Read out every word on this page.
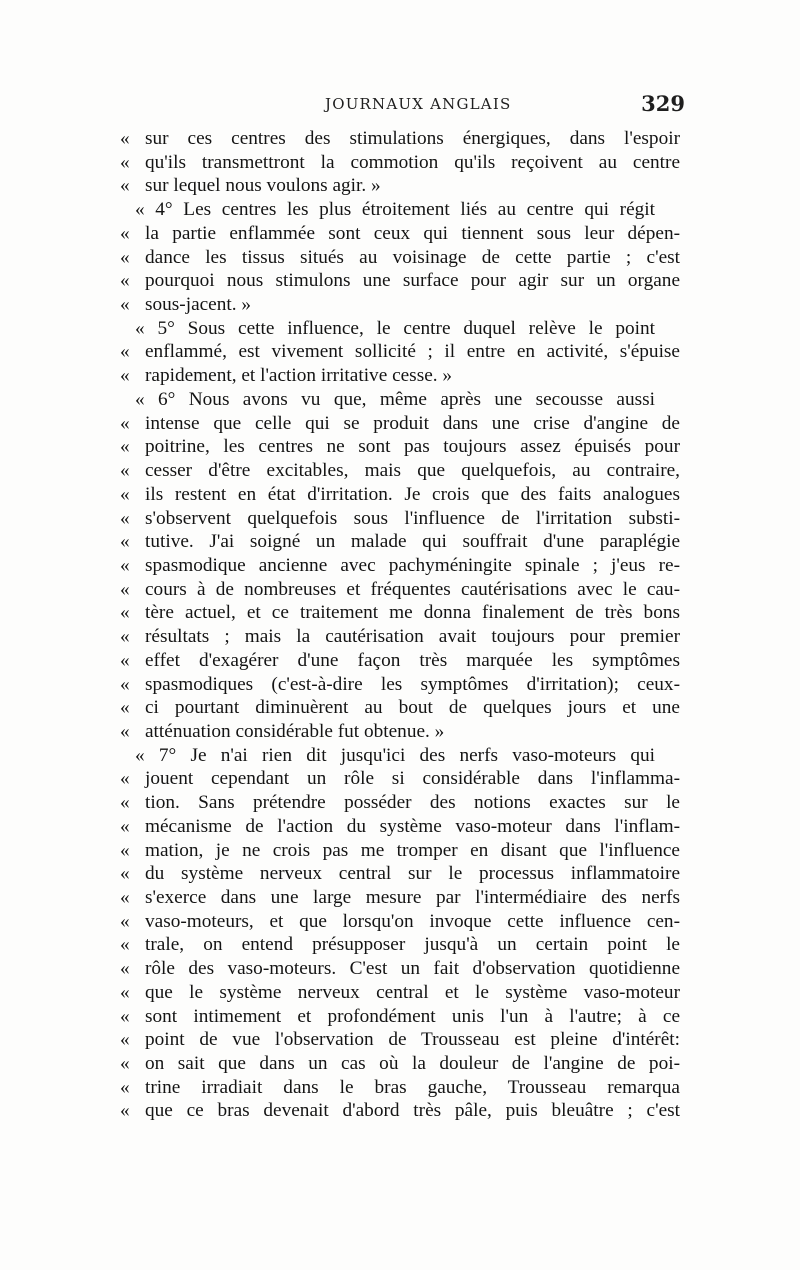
JOURNAUX ANGLAIS	329
« sur ces centres des stimulations énergiques, dans l'espoir
« qu'ils transmettront la commotion qu'ils reçoivent au centre
« sur lequel nous voulons agir. »
« 4° Les centres les plus étroitement liés au centre qui régit
« la partie enflammée sont ceux qui tiennent sous leur dépen-
« dance les tissus situés au voisinage de cette partie ; c'est
« pourquoi nous stimulons une surface pour agir sur un organe
« sous-jacent. »
« 5° Sous cette influence, le centre duquel relève le point
« enflammé, est vivement sollicité ; il entre en activité, s'épuise
« rapidement, et l'action irritative cesse. »
« 6° Nous avons vu que, même après une secousse aussi
« intense que celle qui se produit dans une crise d'angine de
« poitrine, les centres ne sont pas toujours assez épuisés pour
« cesser d'être excitables, mais que quelquefois, au contraire,
« ils restent en état d'irritation. Je crois que des faits analogues
« s'observent quelquefois sous l'influence de l'irritation substi-
« tutive. J'ai soigné un malade qui souffrait d'une paraplégie
« spasmodique ancienne avec pachyméningite spinale ; j'eus re-
« cours à de nombreuses et fréquentes cautérisations avec le cau-
« tère actuel, et ce traitement me donna finalement de très bons
« résultats ; mais la cautérisation avait toujours pour premier
« effet d'exagérer d'une façon très marquée les symptômes
« spasmodiques (c'est-à-dire les symptômes d'irritation); ceux-
« ci pourtant diminuèrent au bout de quelques jours et une
« atténuation considérable fut obtenue. »
« 7° Je n'ai rien dit jusqu'ici des nerfs vaso-moteurs qui
« jouent cependant un rôle si considérable dans l'inflamma-
« tion. Sans prétendre posséder des notions exactes sur le
« mécanisme de l'action du système vaso-moteur dans l'inflam-
« mation, je ne crois pas me tromper en disant que l'influence
« du système nerveux central sur le processus inflammatoire
« s'exerce dans une large mesure par l'intermédiaire des nerfs
« vaso-moteurs, et que lorsqu'on invoque cette influence cen-
« trale, on entend présupposer jusqu'à un certain point le
« rôle des vaso-moteurs. C'est un fait d'observation quotidienne
« que le système nerveux central et le système vaso-moteur
« sont intimement et profondément unis l'un à l'autre; à ce
« point de vue l'observation de Trousseau est pleine d'intérêt:
« on sait que dans un cas où la douleur de l'angine de poi-
« trine irradiait dans le bras gauche, Trousseau remarqua
« que ce bras devenait d'abord très pâle, puis bleuâtre ; c'est
